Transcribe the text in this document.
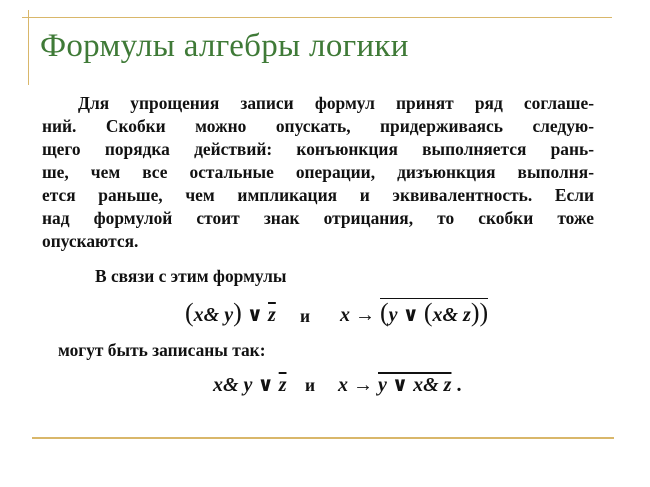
Формулы алгебры логики
Для упрощения записи формул принят ряд соглаше-
ний. Скобки можно опускать, придерживаясь следую-
щего порядка действий: конъюнкция выполняется рань-
ше, чем все остальные операции, дизъюнкция выполня-
ется раньше, чем импликация и эквивалентность. Если
над формулой стоит знак отрицания, то скобки тоже
опускаются.
В связи с этим формулы
(x& y) ∨ $\overline{z}$ и x → (y ∨ (x& z))
могут быть записаны так:
x& y ∨ $\overline{z}$ и x → y ∨ x& z .
